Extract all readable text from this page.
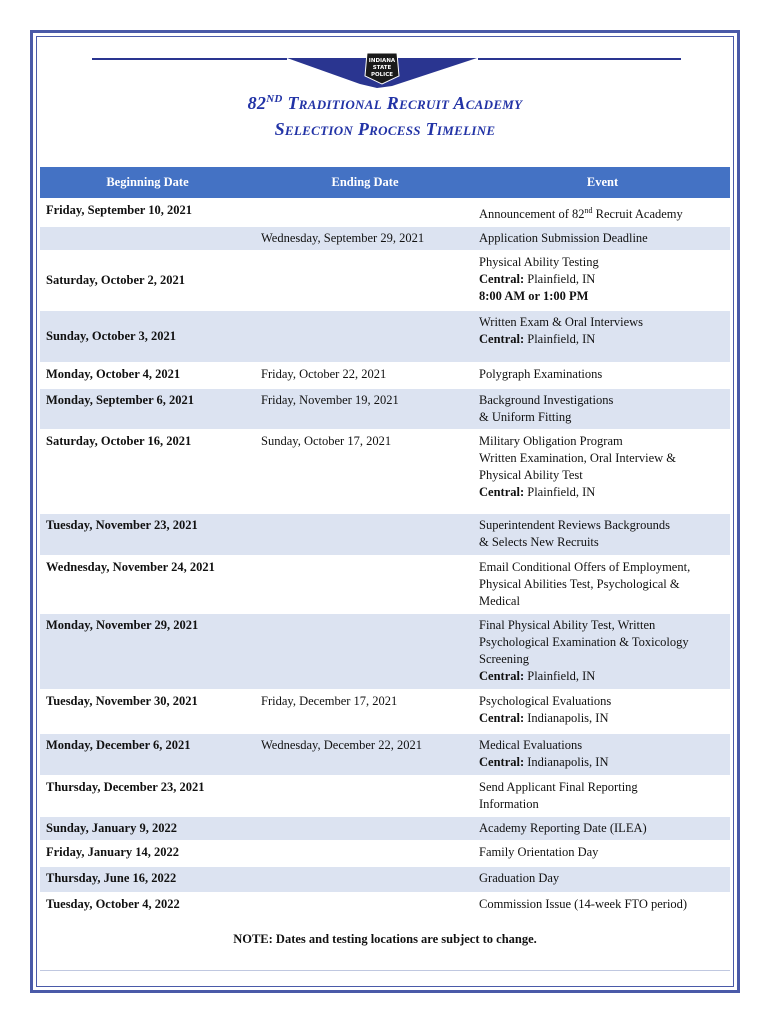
INDIANA
STATE
POLICE
82ND Traditional Recruit Academy
Selection Process Timeline
Beginning Date	Ending Date	Event
Friday, September 10, 2021		Announcement of 82nd Recruit Academy

	Wednesday, September 29, 2021	Application Submission Deadline

Saturday, October 2, 2021		Physical Ability Testing
Central: Plainfield, IN
8:00 AM or 1:00 PM

Sunday, October 3, 2021		Written Exam & Oral Interviews
Central: Plainfield, IN

Monday, October 4, 2021	Friday, October 22, 2021	Polygraph Examinations

Monday, September 6, 2021	Friday, November 19, 2021	Background Investigations
& Uniform Fitting

Saturday, October 16, 2021	Sunday, October 17, 2021	Military Obligation Program
Written Examination, Oral Interview &
Physical Ability Test
Central: Plainfield, IN

Tuesday, November 23, 2021		Superintendent Reviews Backgrounds
& Selects New Recruits

Wednesday, November 24, 2021		Email Conditional Offers of Employment,
Physical Abilities Test, Psychological &
Medical

Monday, November 29, 2021		Final Physical Ability Test, Written
Psychological Examination & Toxicology
Screening
Central: Plainfield, IN

Tuesday, November 30, 2021	Friday, December 17, 2021	Psychological Evaluations
Central: Indianapolis, IN

Monday, December 6, 2021	Wednesday, December 22, 2021	Medical Evaluations
Central: Indianapolis, IN

Thursday, December 23, 2021		Send Applicant Final Reporting
Information

Sunday, January 9, 2022		Academy Reporting Date (ILEA)

Friday, January 14, 2022		Family Orientation Day

Thursday, June 16, 2022		Graduation Day

Tuesday, October 4, 2022		Commission Issue (14-week FTO period)
NOTE: Dates and testing locations are subject to change.
